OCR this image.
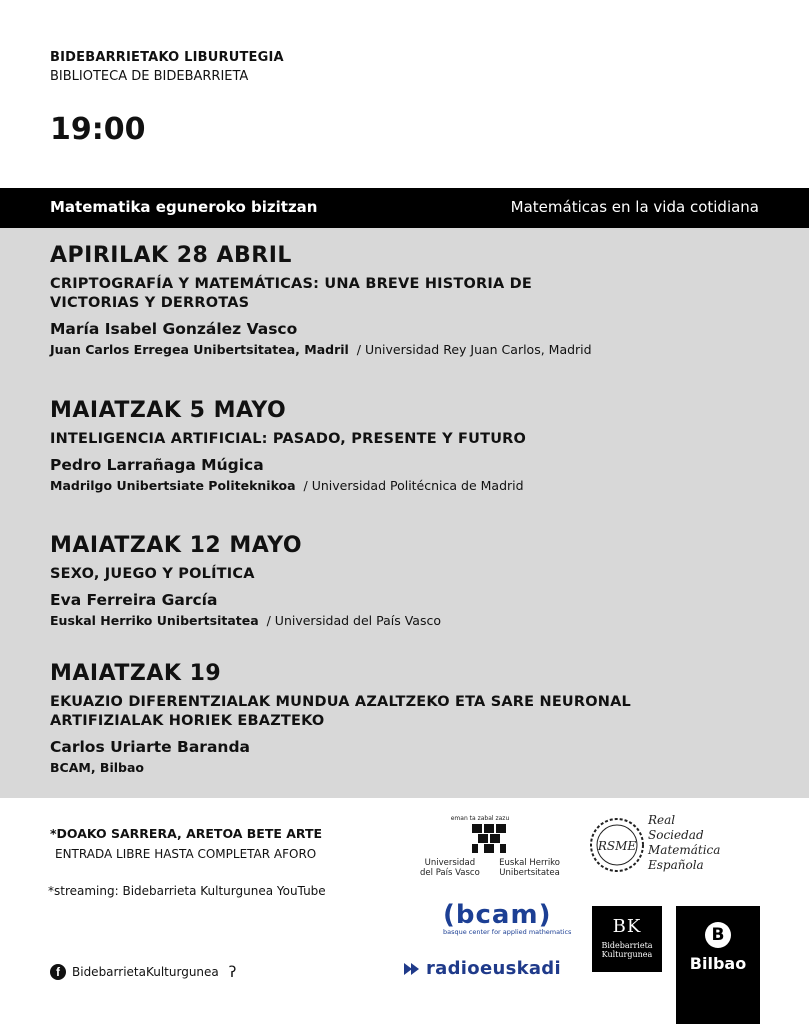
BIDEBARRIETAKO LIBURUTEGIA
BIBLIOTECA DE BIDEBARRIETA
19:00
Matematika eguneroko bizitzan	Matemáticas en la vida cotidiana
APIRILAK 28 ABRIL
CRIPTOGRAFÍA Y MATEMÁTICAS: UNA BREVE HISTORIA DE
VICTORIAS Y DERROTAS
María Isabel González Vasco
Juan Carlos Erregea Unibertsitatea, Madril / Universidad Rey Juan Carlos, Madrid
MAIATZAK 5 MAYO
INTELIGENCIA ARTIFICIAL: PASADO, PRESENTE Y FUTURO
Pedro Larrañaga Múgica
Madrilgo Unibertsiate Politeknikoa / Universidad Politécnica de Madrid
MAIATZAK 12 MAYO
SEXO, JUEGO Y POLÍTICA
Eva Ferreira García
Euskal Herriko Unibertsitatea / Universidad del País Vasco
MAIATZAK 19
EKUAZIO DIFERENTZIALAK MUNDUA AZALTZEKO ETA SARE NEURONAL
ARTIFIZIALAK HORIEK EBAZTEKO
Carlos Uriarte Baranda
BCAM, Bilbao
*DOAKO SARRERA, ARETOA BETE ARTE
ENTRADA LIBRE HASTA COMPLETAR AFORO
*streaming: Bidebarrieta Kulturgunea YouTube
f	BidebarrietaKulturgunea ʔ
eman ta zabal zazu
Universidad
del País Vasco
Euskal Herriko
Unibertsitatea
RSME
Real
Sociedad
Matemática
Española
(bcam)
basque center for applied mathematics
radioeuskadi
BK
Bidebarrieta
Kulturgunea
B
Bilbao
